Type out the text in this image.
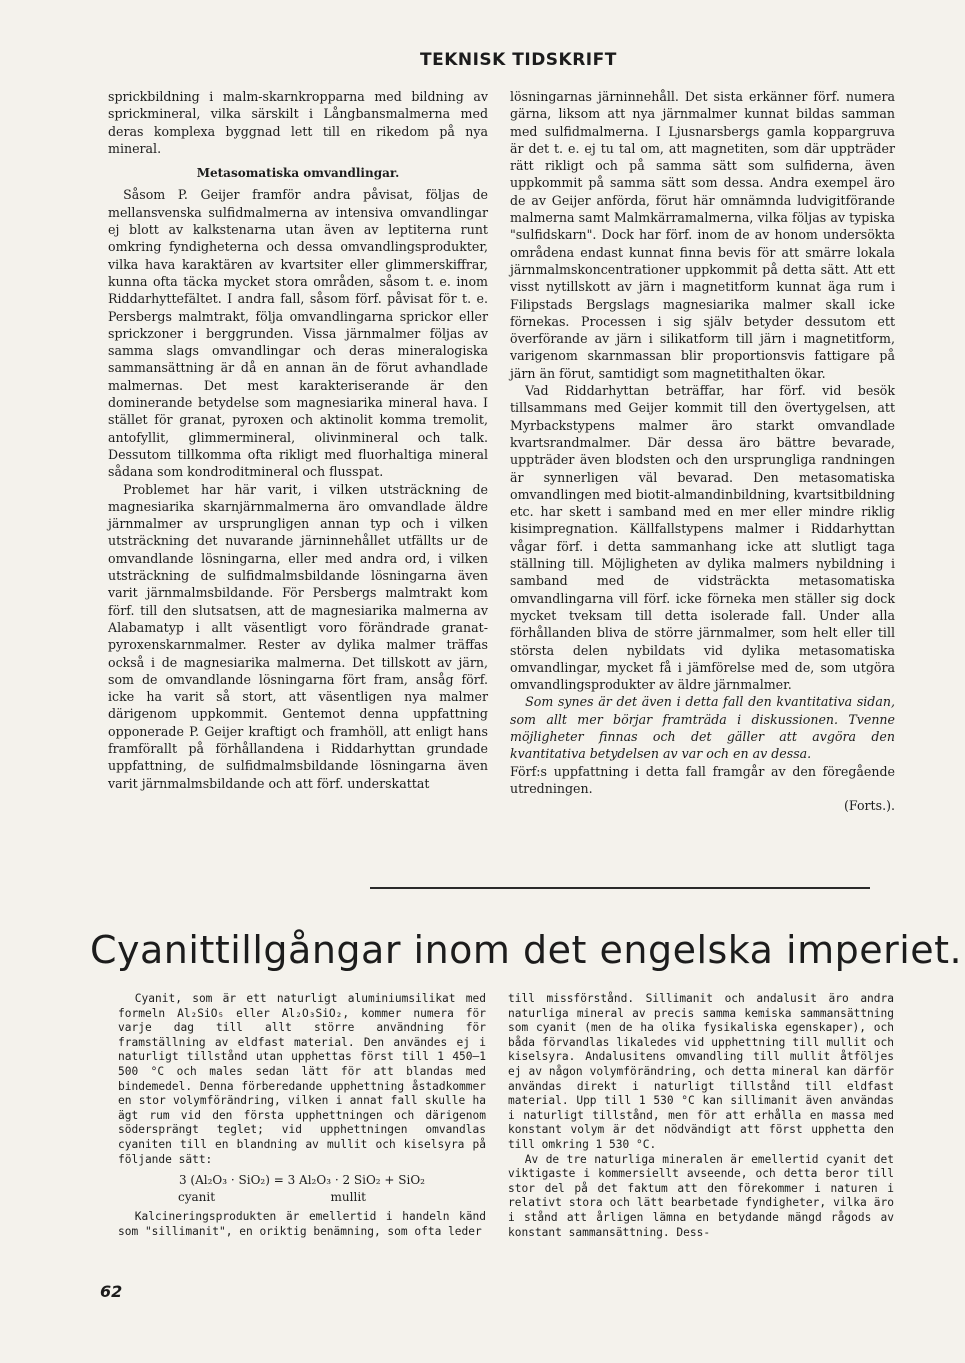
TEKNISK TIDSKRIFT

sprickbildning i malm-skarnkropparna med bildning av sprickmineral, vilka särskilt i Långbansmalmerna med deras komplexa byggnad lett till en rikedom på nya mineral.

Metasomatiska omvandlingar.

Såsom P. Geijer framför andra påvisat, följas de mellansvenska sulfidmalmerna av intensiva omvandlingar ej blott av kalkstenarna utan även av leptiterna runt omkring fyndigheterna och dessa omvandlingsprodukter, vilka hava karaktären av kvartsiter eller glimmerskiffrar, kunna ofta täcka mycket stora områden, såsom t. e. inom Riddarhyttefältet. I andra fall, såsom förf. påvisat för t. e. Persbergs malmtrakt, följa omvandlingarna sprickor eller sprickzoner i berggrunden. Vissa järnmalmer följas av samma slags omvandlingar och deras mineralogiska sammansättning är då en annan än de förut avhandlade malmernas. Det mest karakteriserande är den dominerande betydelse som magnesiarika mineral hava. I stället för granat, pyroxen och aktinolit komma tremolit, antofyllit, glimmermineral, olivinmineral och talk. Dessutom tillkomma ofta rikligt med fluorhaltiga mineral sådana som kondroditmineral och flusspat.

Problemet har här varit, i vilken utsträckning de magnesiarika skarnjärnmalmerna äro omvandlade äldre järnmalmer av ursprungligen annan typ och i vilken utsträckning det nuvarande järninnehållet utfällts ur de omvandlande lösningarna, eller med andra ord, i vilken utsträckning de sulfidmalmsbildande lösningarna även varit järnmalmsbildande. För Persbergs malmtrakt kom förf. till den slutsatsen, att de magnesiarika malmerna av Alabamatyp i allt väsentligt voro förändrade granat-pyroxenskarnmalmer. Rester av dylika malmer träffas också i de magnesiarika malmerna. Det tillskott av järn, som de omvandlande lösningarna fört fram, ansåg förf. icke ha varit så stort, att väsentligen nya malmer därigenom uppkommit. Gentemot denna uppfattning opponerade P. Geijer kraftigt och framhöll, att enligt hans framförallt på förhållandena i Riddarhyttan grundade uppfattning, de sulfidmalmsbildande lösningarna även varit järnmalmsbildande och att förf. underskattat

lösningarnas järninnehåll. Det sista erkänner förf. numera gärna, liksom att nya järnmalmer kunnat bildas samman med sulfidmalmerna. I Ljusnarsbergs gamla koppargruva är det t. e. ej tu tal om, att magnetiten, som där uppträder rätt rikligt och på samma sätt som sulfiderna, även uppkommit på samma sätt som dessa. Andra exempel äro de av Geijer anförda, förut här omnämnda ludvigitförande malmerna samt Malmkärramalmerna, vilka följas av typiska "sulfidskarn". Dock har förf. inom de av honom undersökta områdena endast kunnat finna bevis för att smärre lokala järnmalmskoncentrationer uppkommit på detta sätt. Att ett visst nytillskott av järn i magnetitform kunnat äga rum i Filipstads Bergslags magnesiarika malmer skall icke förnekas. Processen i sig själv betyder dessutom ett överförande av järn i silikatform till järn i magnetitform, varigenom skarnmassan blir proportionsvis fattigare på järn än förut, samtidigt som magnetithalten ökar.

Vad Riddarhyttan beträffar, har förf. vid besök tillsammans med Geijer kommit till den övertygelsen, att Myrbackstypens malmer äro starkt omvandlade kvartsrandmalmer. Där dessa äro bättre bevarade, uppträder även blodsten och den ursprungliga randningen är synnerligen väl bevarad. Den metasomatiska omvandlingen med biotit-almandinbildning, kvartsitbildning etc. har skett i samband med en mer eller mindre riklig kisimpregnation. Källfallstypens malmer i Riddarhyttan vågar förf. i detta sammanhang icke att slutligt taga ställning till. Möjligheten av dylika malmers nybildning i samband med de vidsträckta metasomatiska omvandlingarna vill förf. icke förneka men ställer sig dock mycket tveksam till detta isolerade fall. Under alla förhållanden bliva de större järnmalmer, som helt eller till största delen nybildats vid dylika metasomatiska omvandlingar, mycket få i jämförelse med de, som utgöra omvandlingsprodukter av äldre järnmalmer.

Som synes är det även i detta fall den kvantitativa sidan, som allt mer börjar framträda i diskussionen. Tvenne möjligheter finnas och det gäller att avgöra den kvantitativa betydelsen av var och en av dessa.

Förf:s uppfattning i detta fall framgår av den föregående utredningen.

(Forts.).

Cyanittillgångar inom det engelska imperiet.

Cyanit, som är ett naturligt aluminiumsilikat med formeln Al₂SiO₅ eller Al₂O₃SiO₂, kommer numera för varje dag till allt större användning för framställning av eldfast material. Den användes ej i naturligt tillstånd utan upphettas först till 1 450—1 500 °C och males sedan lätt för att blandas med bindemedel. Denna förberedande upphettning åstadkommer en stor volymförändring, vilken i annat fall skulle ha ägt rum vid den första upphettningen och därigenom södersprängt teglet; vid upphettningen omvandlas cyaniten till en blandning av mullit och kiselsyra på följande sätt:

3 (Al₂O₃ · SiO₂) = 3 Al₂O₃ · 2 SiO₂ + SiO₂

cyanit	mullit

Kalcineringsprodukten är emellertid i handeln känd som "sillimanit", en oriktig benämning, som ofta leder

till missförstånd. Sillimanit och andalusit äro andra naturliga mineral av precis samma kemiska sammansättning som cyanit (men de ha olika fysikaliska egenskaper), och båda förvandlas likaledes vid upphettning till mullit och kiselsyra. Andalusitens omvandling till mullit åtföljes ej av någon volymförändring, och detta mineral kan därför användas direkt i naturligt tillstånd till eldfast material. Upp till 1 530 °C kan sillimanit även användas i naturligt tillstånd, men för att erhålla en massa med konstant volym är det nödvändigt att först upphetta den till omkring 1 530 °C.

Av de tre naturliga mineralen är emellertid cyanit det viktigaste i kommersiellt avseende, och detta beror till stor del på det faktum att den förekommer i naturen i relativt stora och lätt bearbetade fyndigheter, vilka äro i stånd att årligen lämna en betydande mängd rågods av konstant sammansättning. Dess-

62
